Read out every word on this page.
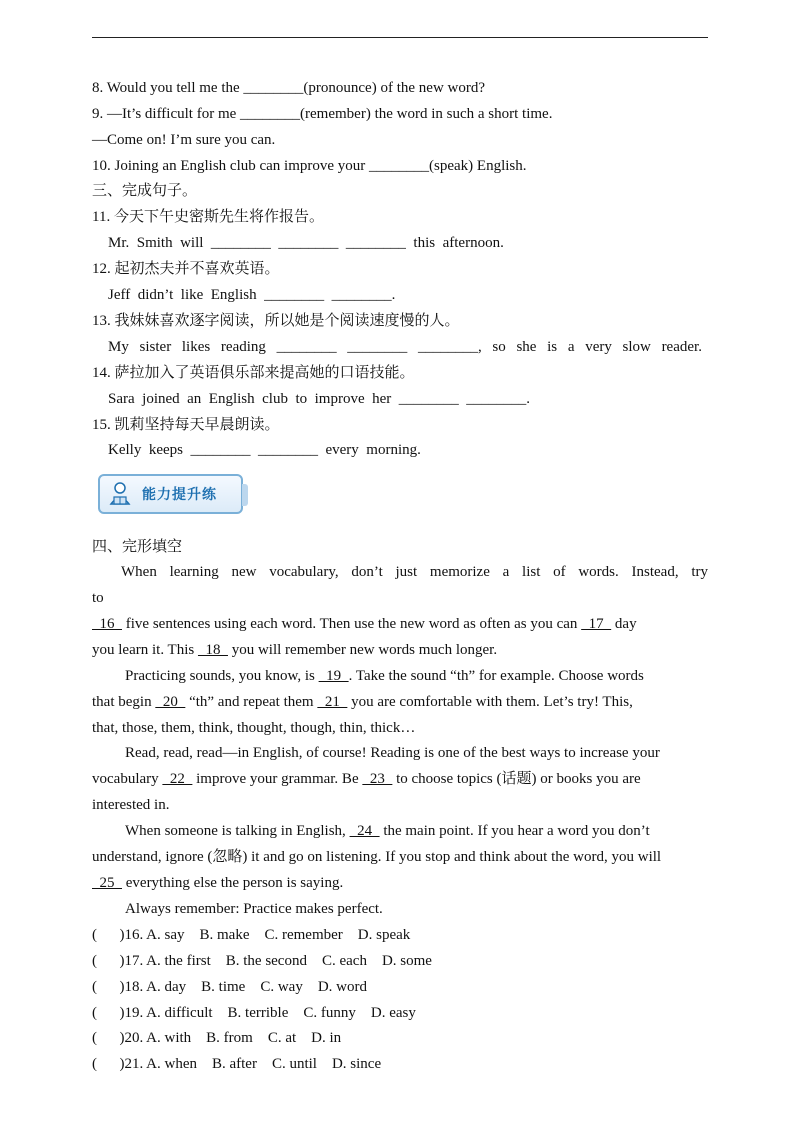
8. Would you tell me the ________(pronounce) of the new word?
9. —It’s difficult for me ________(remember) the word in such a short time.
—Come on! I’m sure you can.
10. Joining an English club can improve your ________(speak) English.
三、完成句子。
11. 今天下午史密斯先生将作报告。
Mr.  Smith  will  ________  ________  ________  this  afternoon.
12. 起初杰夫并不喜欢英语。
Jeff  didn’t  like  English  ________  ________.
13. 我妹妹喜欢逐字阅读，所以她是个阅读速度慢的人。
My sister likes reading ________ ________ ________, so she is a very slow reader.
14. 萨拉加入了英语俱乐部来提高她的口语技能。
Sara  joined  an  English  club  to  improve  her  ________  ________.
15. 凯莉坚持每天早晨朗读。
Kelly  keeps  ________  ________  every  morning.
能力提升练
四、完形填空
When learning new vocabulary, don’t just memorize a list of words. Instead, try
to
16   five sentences using each word. Then use the new word as often as you can   17   day
you learn it. This   18   you will remember new words much longer.
Practicing sounds, you know, is   19  . Take the sound “th” for example. Choose words
that begin   20   “th” and repeat them   21   you are comfortable with them. Let’s try! This,
that, those, them, think, thought, though, thin, thick…
Read, read, read—in English, of course! Reading is one of the best ways to increase your
vocabulary   22   improve your grammar. Be   23   to choose topics (话题) or books you are
interested in.
When someone is talking in English,   24   the main point. If you hear a word you don’t
understand, ignore (忽略) it and go on listening. If you stop and think about the word, you will
25   everything else the person is saying.
Always remember: Practice makes perfect.
(      )16. A. say    B. make    C. remember    D. speak
(      )17. A. the first    B. the second    C. each    D. some
(      )18. A. day    B. time    C. way    D. word
(      )19. A. difficult    B. terrible    C. funny    D. easy
(      )20. A. with    B. from    C. at    D. in
(      )21. A. when    B. after    C. until    D. since
